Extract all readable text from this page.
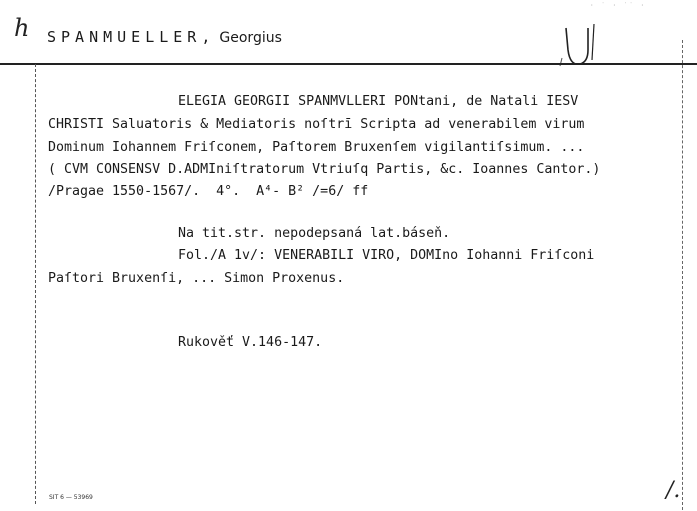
· ˙ · ˙˙ ·
h SPANMUELLER, Georgius

ELEGIA GEORGII SPANMVLLERI PONtani, de Natali IESV

CHRISTI Saluatoris & Mediatoris noſtrī Scripta ad venerabilem virum

Dominum Iohannem Friſconem, Paſtorem Bruxenſem vigilantiſsimum. ...

( CVM CONSENSV D.ADMIniſtratorum Vtriuſq Partis, &c. Ioannes Cantor.)

/Pragae 1550-1567/.  4°.  A⁴- B² /=6/ ff

Na tit.str. nepodepsaná lat.báseň.

Fol./A 1v/: VENERABILI VIRO, DOMIno Iohanni Friſconi

Paſtori Bruxenſi, ... Simon Proxenus.

Rukověť V.146-147.

SIT 6 — 53969	/.
